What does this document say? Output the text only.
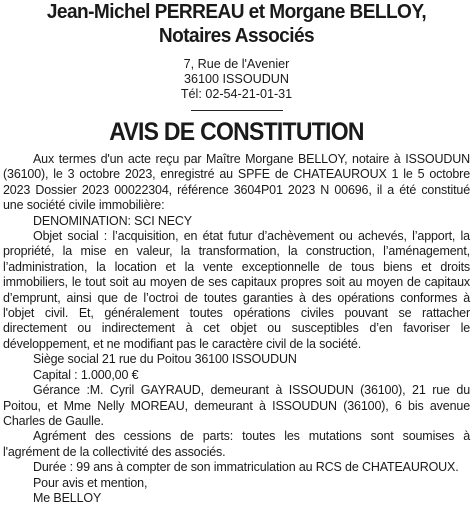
Jean-Michel PERREAU et Morgane BELLOY, Notaires Associés
7, Rue de l'Avenier
36100 ISSOUDUN
Tél: 02-54-21-01-31
AVIS DE CONSTITUTION

Aux termes d'un acte reçu par Maître Morgane BELLOY, notaire à ISSOUDUN (36100), le 3 octobre 2023, enregistré au SPFE de CHATEAUROUX 1 le 5 octobre 2023 Dossier 2023 00022304, référence 3604P01 2023 N 00696, il a été constitué une société civile immobilière:

DENOMINATION: SCI NECY

Objet social : l’acquisition, en état futur d’achèvement ou achevés, l’apport, la propriété, la mise en valeur, la transformation, la construction, l’aménagement, l’administration, la location et la vente exceptionnelle de tous biens et droits immobiliers, le tout soit au moyen de ses capitaux propres soit au moyen de capitaux d’emprunt, ainsi que de l’octroi de toutes garanties à des opérations conformes à l'objet civil. Et, généralement toutes opérations civiles pouvant se rattacher directement ou indirectement à cet objet ou susceptibles d’en favoriser le développement, et ne modifiant pas le caractère civil de la société.

Siège social 21 rue du Poitou 36100 ISSOUDUN

Capital : 1.000,00 €

Gérance :M. Cyril GAYRAUD, demeurant à ISSOUDUN (36100), 21 rue du Poitou, et Mme Nelly MOREAU, demeurant à ISSOUDUN (36100), 6 bis avenue Charles de Gaulle.

Agrément des cessions de parts: toutes les mutations sont soumises à l'agrément de la collectivité des associés.

Durée : 99 ans à compter de son immatriculation au RCS de CHATEAUROUX.

Pour avis et mention,

Me BELLOY
